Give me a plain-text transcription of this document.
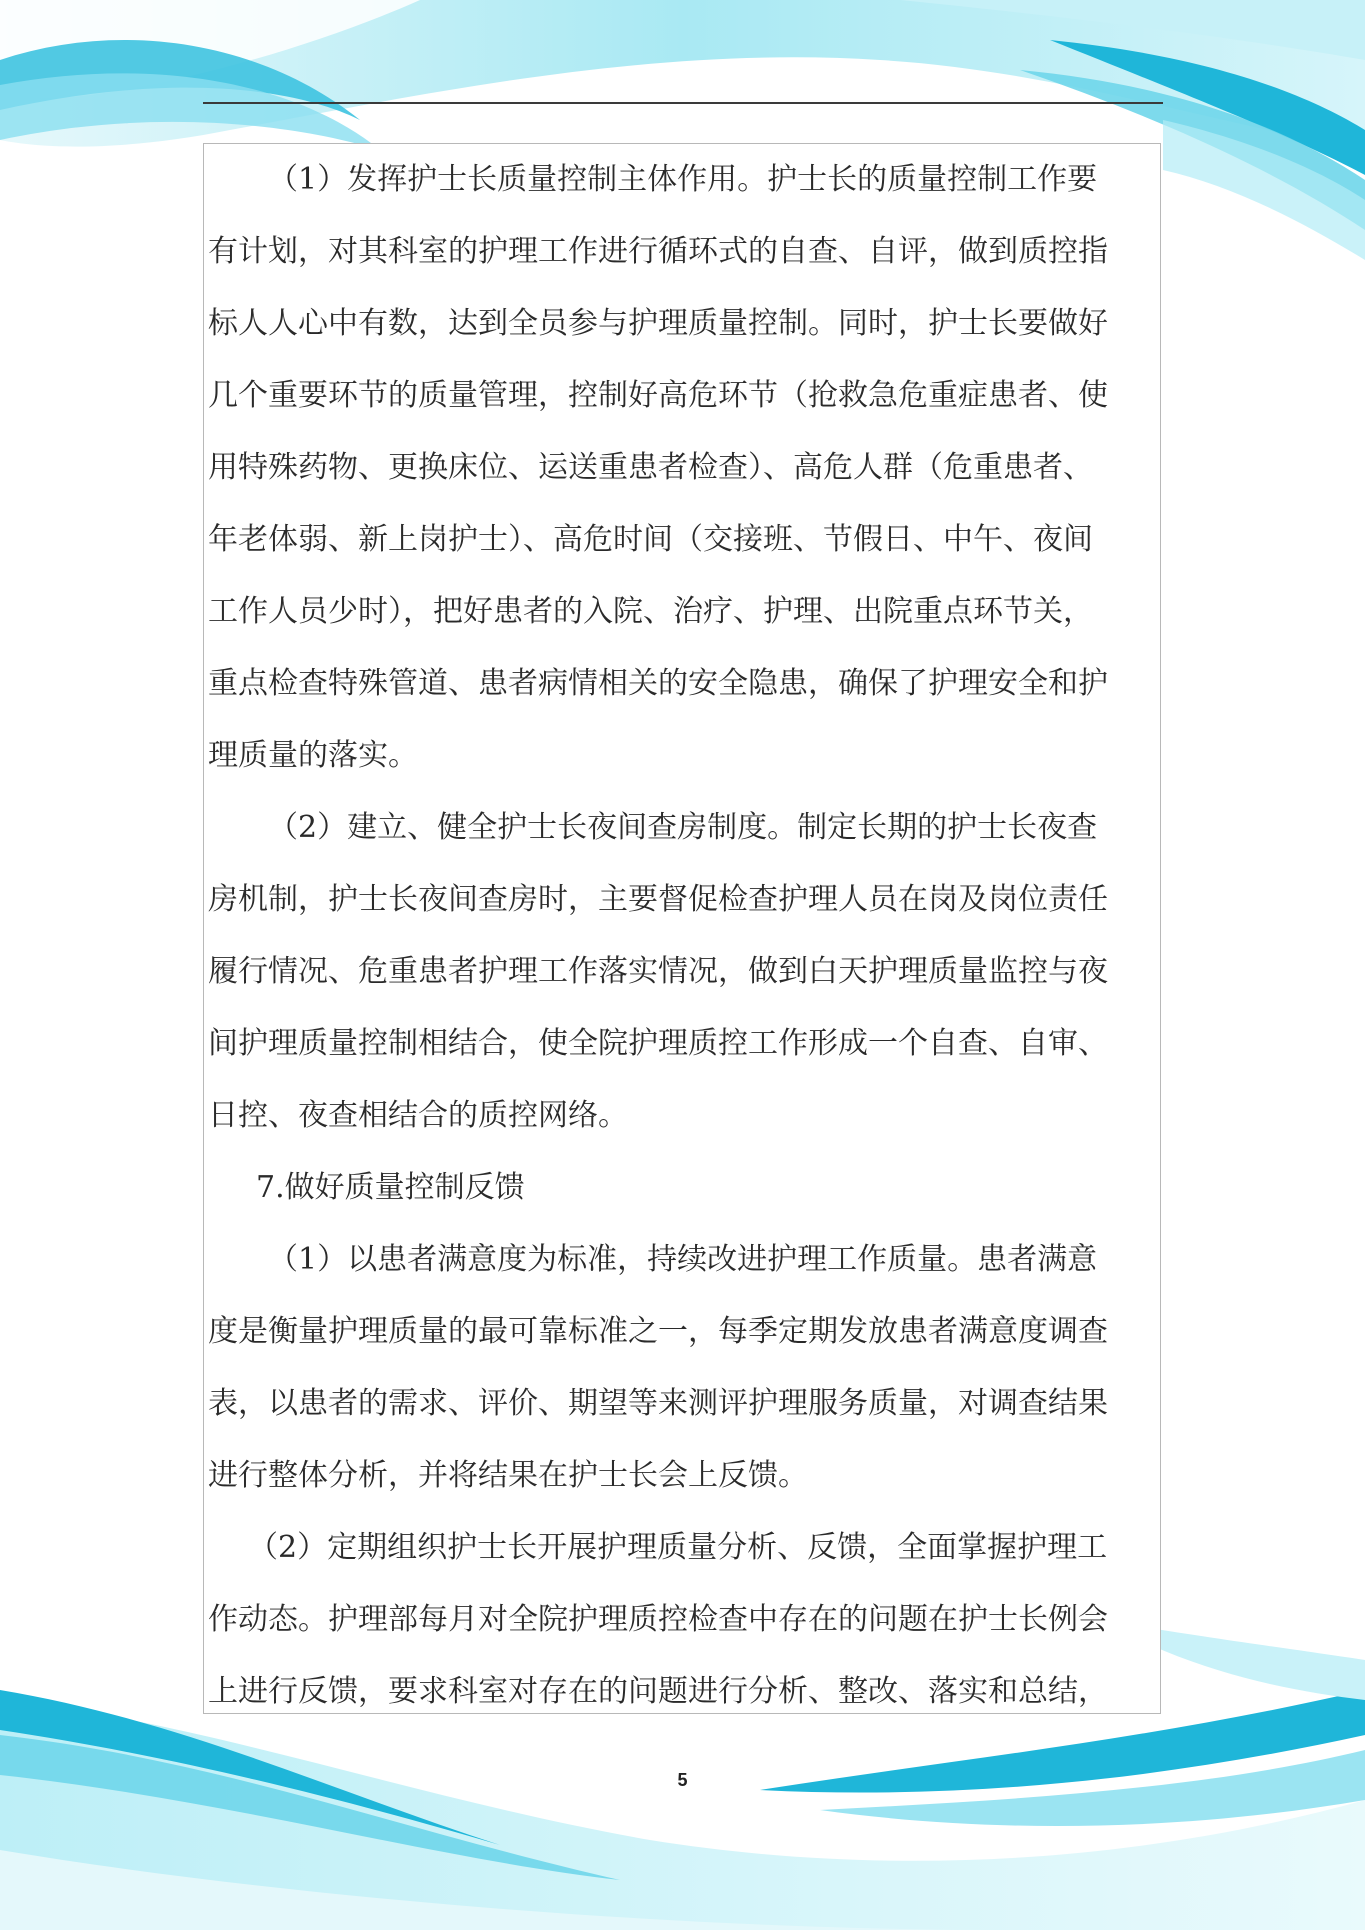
（1）发挥护士长质量控制主体作用。护士长的质量控制工作要
有计划，对其科室的护理工作进行循环式的自查、自评，做到质控指
标人人心中有数，达到全员参与护理质量控制。同时，护士长要做好
几个重要环节的质量管理，控制好高危环节（抢救急危重症患者、使
用特殊药物、更换床位、运送重患者检查）、高危人群（危重患者、
年老体弱、新上岗护士）、高危时间（交接班、节假日、中午、夜间
工作人员少时），把好患者的入院、治疗、护理、出院重点环节关，
重点检查特殊管道、患者病情相关的安全隐患，确保了护理安全和护
理质量的落实。
（2）建立、健全护士长夜间查房制度。制定长期的护士长夜查
房机制，护士长夜间查房时，主要督促检查护理人员在岗及岗位责任
履行情况、危重患者护理工作落实情况，做到白天护理质量监控与夜
间护理质量控制相结合，使全院护理质控工作形成一个自查、自审、
日控、夜查相结合的质控网络。
7.做好质量控制反馈
（1）以患者满意度为标准，持续改进护理工作质量。患者满意
度是衡量护理质量的最可靠标准之一，每季定期发放患者满意度调查
表，以患者的需求、评价、期望等来测评护理服务质量，对调查结果
进行整体分析，并将结果在护士长会上反馈。
（2）定期组织护士长开展护理质量分析、反馈，全面掌握护理工
作动态。护理部每月对全院护理质控检查中存在的问题在护士长例会
上进行反馈，要求科室对存在的问题进行分析、整改、落实和总结，
5
